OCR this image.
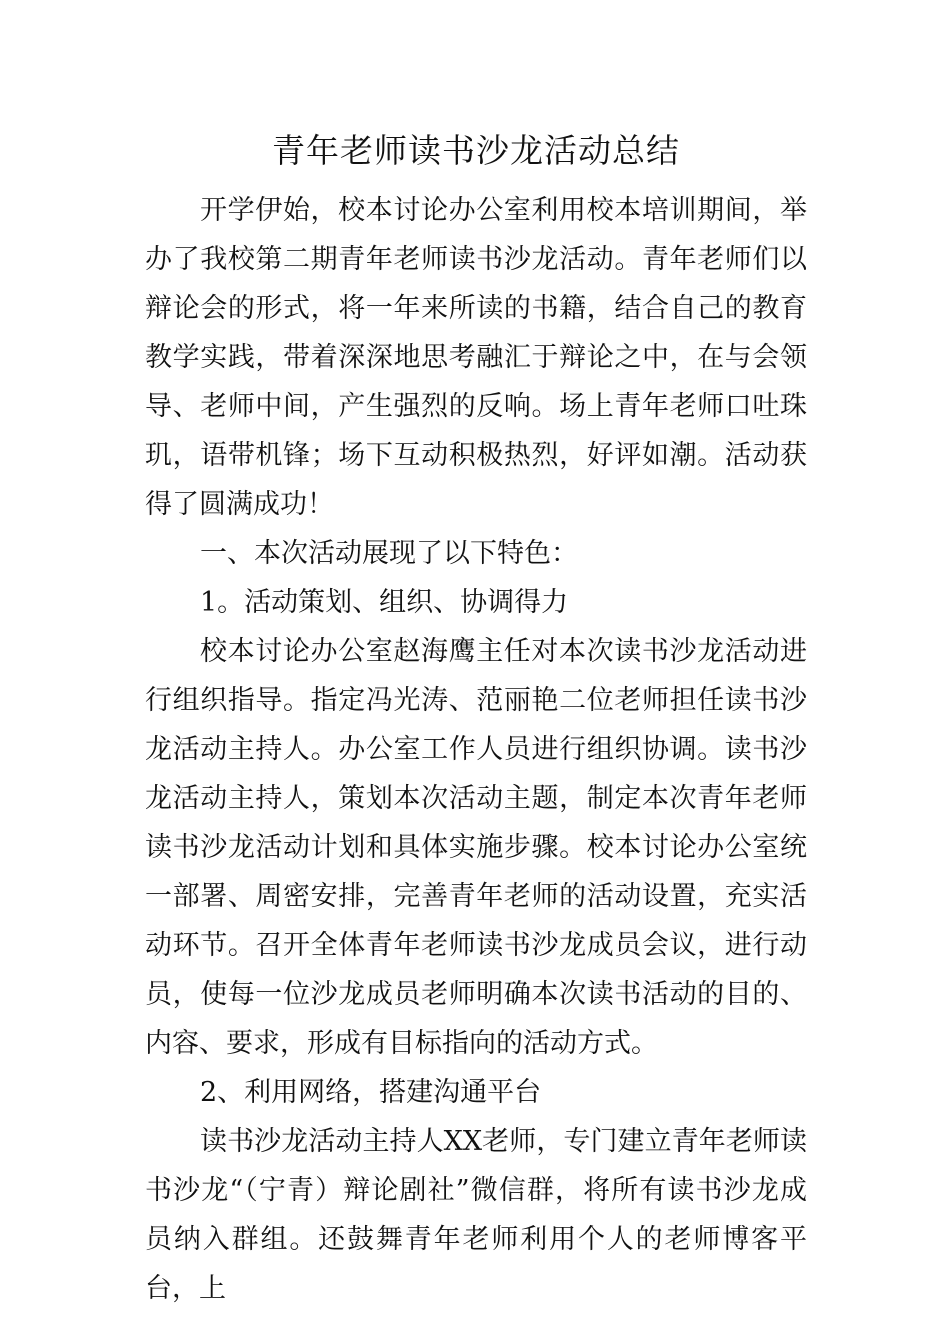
青年老师读书沙龙活动总结

开学伊始，校本讨论办公室利用校本培训期间，举办了我校第二期青年老师读书沙龙活动。青年老师们以辩论会的形式，将一年来所读的书籍，结合自己的教育教学实践，带着深深地思考融汇于辩论之中，在与会领导、老师中间，产生强烈的反响。场上青年老师口吐珠玑，语带机锋；场下互动积极热烈，好评如潮。活动获得了圆满成功！

一、本次活动展现了以下特色：

1。活动策划、组织、协调得力

校本讨论办公室赵海鹰主任对本次读书沙龙活动进行组织指导。指定冯光涛、范丽艳二位老师担任读书沙龙活动主持人。办公室工作人员进行组织协调。读书沙龙活动主持人，策划本次活动主题，制定本次青年老师读书沙龙活动计划和具体实施步骤。校本讨论办公室统一部署、周密安排，完善青年老师的活动设置，充实活动环节。召开全体青年老师读书沙龙成员会议，进行动员，使每一位沙龙成员老师明确本次读书活动的目的、内容、要求，形成有目标指向的活动方式。

2、利用网络，搭建沟通平台

读书沙龙活动主持人XX老师，专门建立青年老师读书沙龙“（宁青）辩论剧社”微信群，将所有读书沙龙成员纳入群组。还鼓舞青年老师利用个人的老师博客平台，上
